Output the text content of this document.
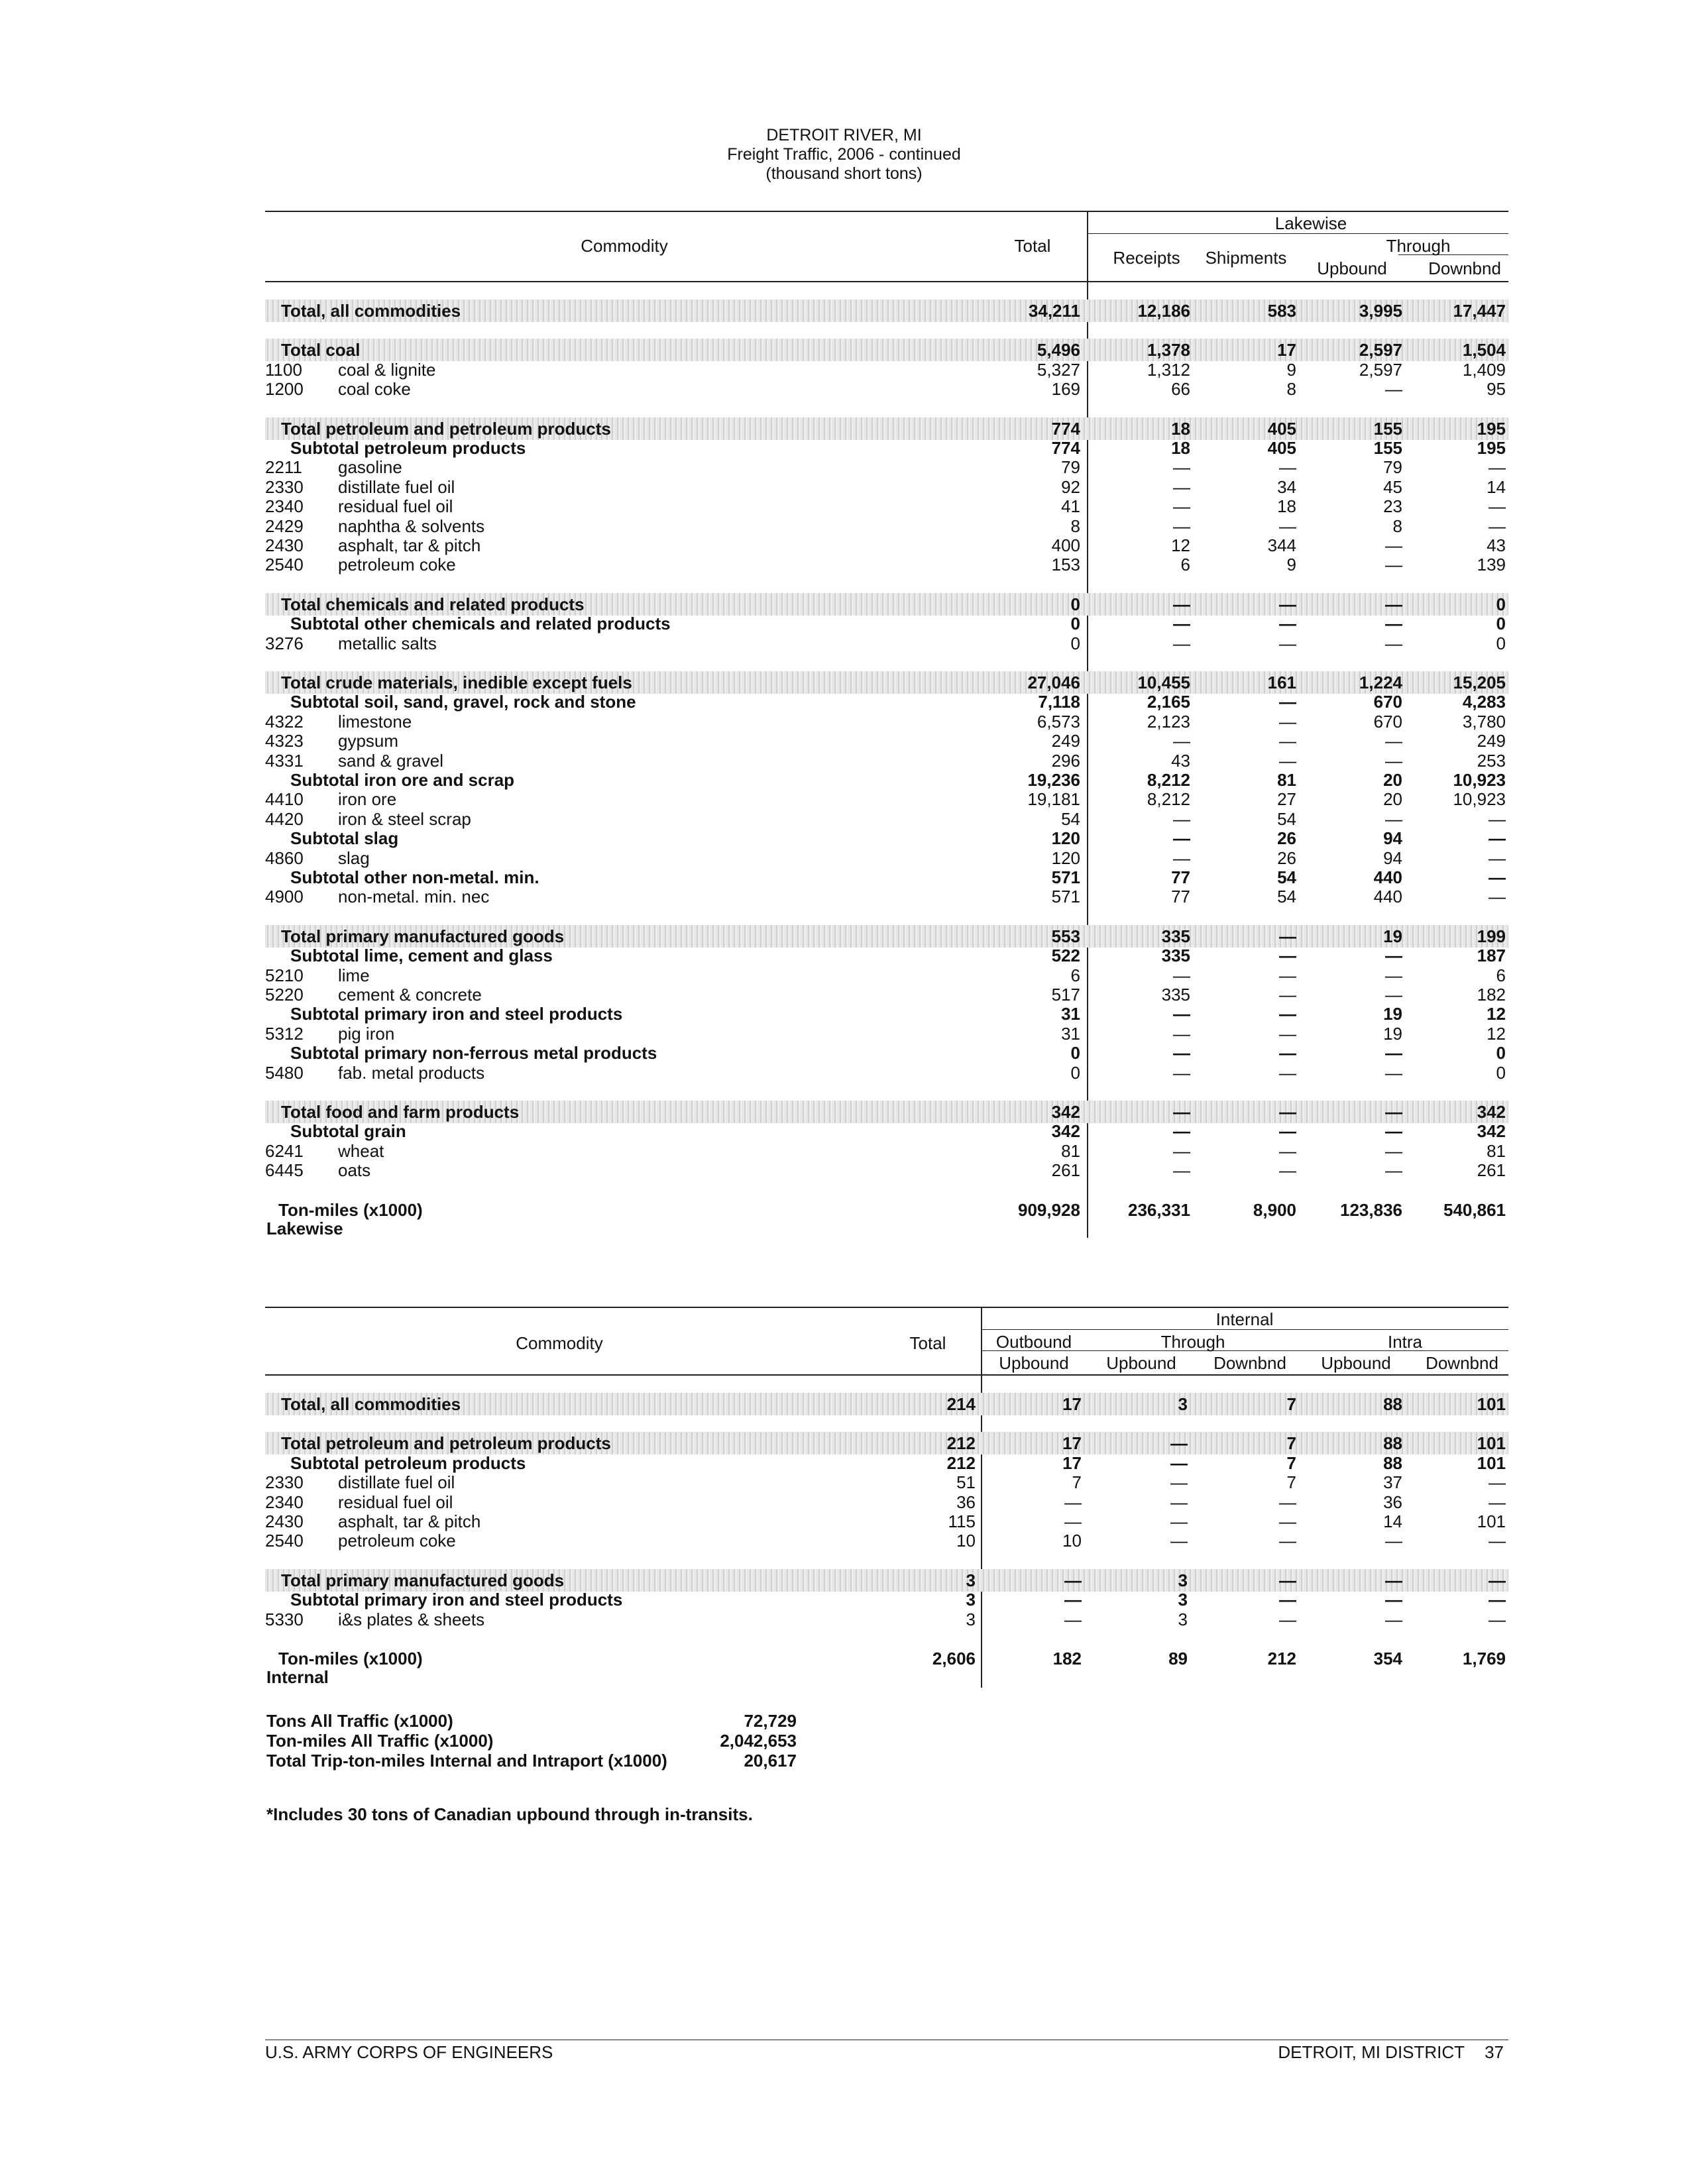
DETROIT RIVER, MI
Freight Traffic, 2006 - continued
(thousand short tons)
Commodity	Total
Lakewise
Receipts Shipments
Through
Upbound Downbnd
Total, all commodities	34,211	12,186	583	3,995	17,447
Total coal	5,496	1,378	17	2,597	1,504
1100 coal & lignite	5,327	1,312	9	2,597	1,409
1200 coal coke	169	66	8	—	95
Total petroleum and petroleum products	774	18	405	155	195
Subtotal petroleum products	774	18	405	155	195
2211 gasoline	79	—	—	79	—
2330 distillate fuel oil	92	—	34	45	14
2340 residual fuel oil	41	—	18	23	—
2429 naphtha & solvents	8	—	—	8	—
2430 asphalt, tar & pitch	400	12	344	—	43
2540 petroleum coke	153	6	9	—	139
Total chemicals and related products	0	—	—	—	0
Subtotal other chemicals and related products	0	—	—	—	0
3276 metallic salts	0	—	—	—	0
Total crude materials, inedible except fuels	27,046	10,455	161	1,224	15,205
Subtotal soil, sand, gravel, rock and stone	7,118	2,165	—	670	4,283
4322 limestone	6,573	2,123	—	670	3,780
4323 gypsum	249	—	—	—	249
4331 sand & gravel	296	43	—	—	253
Subtotal iron ore and scrap	19,236	8,212	81	20	10,923
4410 iron ore	19,181	8,212	27	20	10,923
4420 iron & steel scrap	54	—	54	—	—
Subtotal slag	120	—	26	94	—
4860 slag	120	—	26	94	—
Subtotal other non-metal. min.	571	77	54	440	—
4900 non-metal. min. nec	571	77	54	440	—
Total primary manufactured goods	553	335	—	19	199
Subtotal lime, cement and glass	522	335	—	—	187
5210 lime	6	—	—	—	6
5220 cement & concrete	517	335	—	—	182
Subtotal primary iron and steel products	31	—	—	19	12
5312 pig iron	31	—	—	19	12
Subtotal primary non-ferrous metal products	0	—	—	—	0
5480 fab. metal products	0	—	—	—	0
Total food and farm products	342	—	—	—	342
Subtotal grain	342	—	—	—	342
6241 wheat	81	—	—	—	81
6445 oats	261	—	—	—	261
Ton-miles (x1000)
Lakewise
909,928	236,331	8,900	123,836 540,861
Commodity	Total
Internal
Outbound	Through	Intra
Upbound Upbound Downbnd Upbound Downbnd
Total, all commodities	214	17	3	7	88	101
Total petroleum and petroleum products	212	17	—	7	88	101
Subtotal petroleum products	212	17	—	7	88	101
2330 distillate fuel oil	51	7	—	7	37	—
2340 residual fuel oil	36	—	—	—	36	—
2430 asphalt, tar & pitch	115	—	—	—	14	101
2540 petroleum coke	10	10	—	—	—	—
Total primary manufactured goods	3	—	3	—	—	—
Subtotal primary iron and steel products	3	—	3	—	—	—
5330 i&s plates & sheets	3	—	3	—	—	—
Ton-miles (x1000)
Internal
2,606	182	89	212	354	1,769
Tons All Traffic (x1000)	72,729
Ton-miles All Traffic (x1000)	2,042,653
Total Trip-ton-miles Internal and Intraport (x1000)	20,617
*Includes 30 tons of Canadian upbound through in-transits.
U.S. ARMY CORPS OF ENGINEERS	DETROIT, MI DISTRICT 37
